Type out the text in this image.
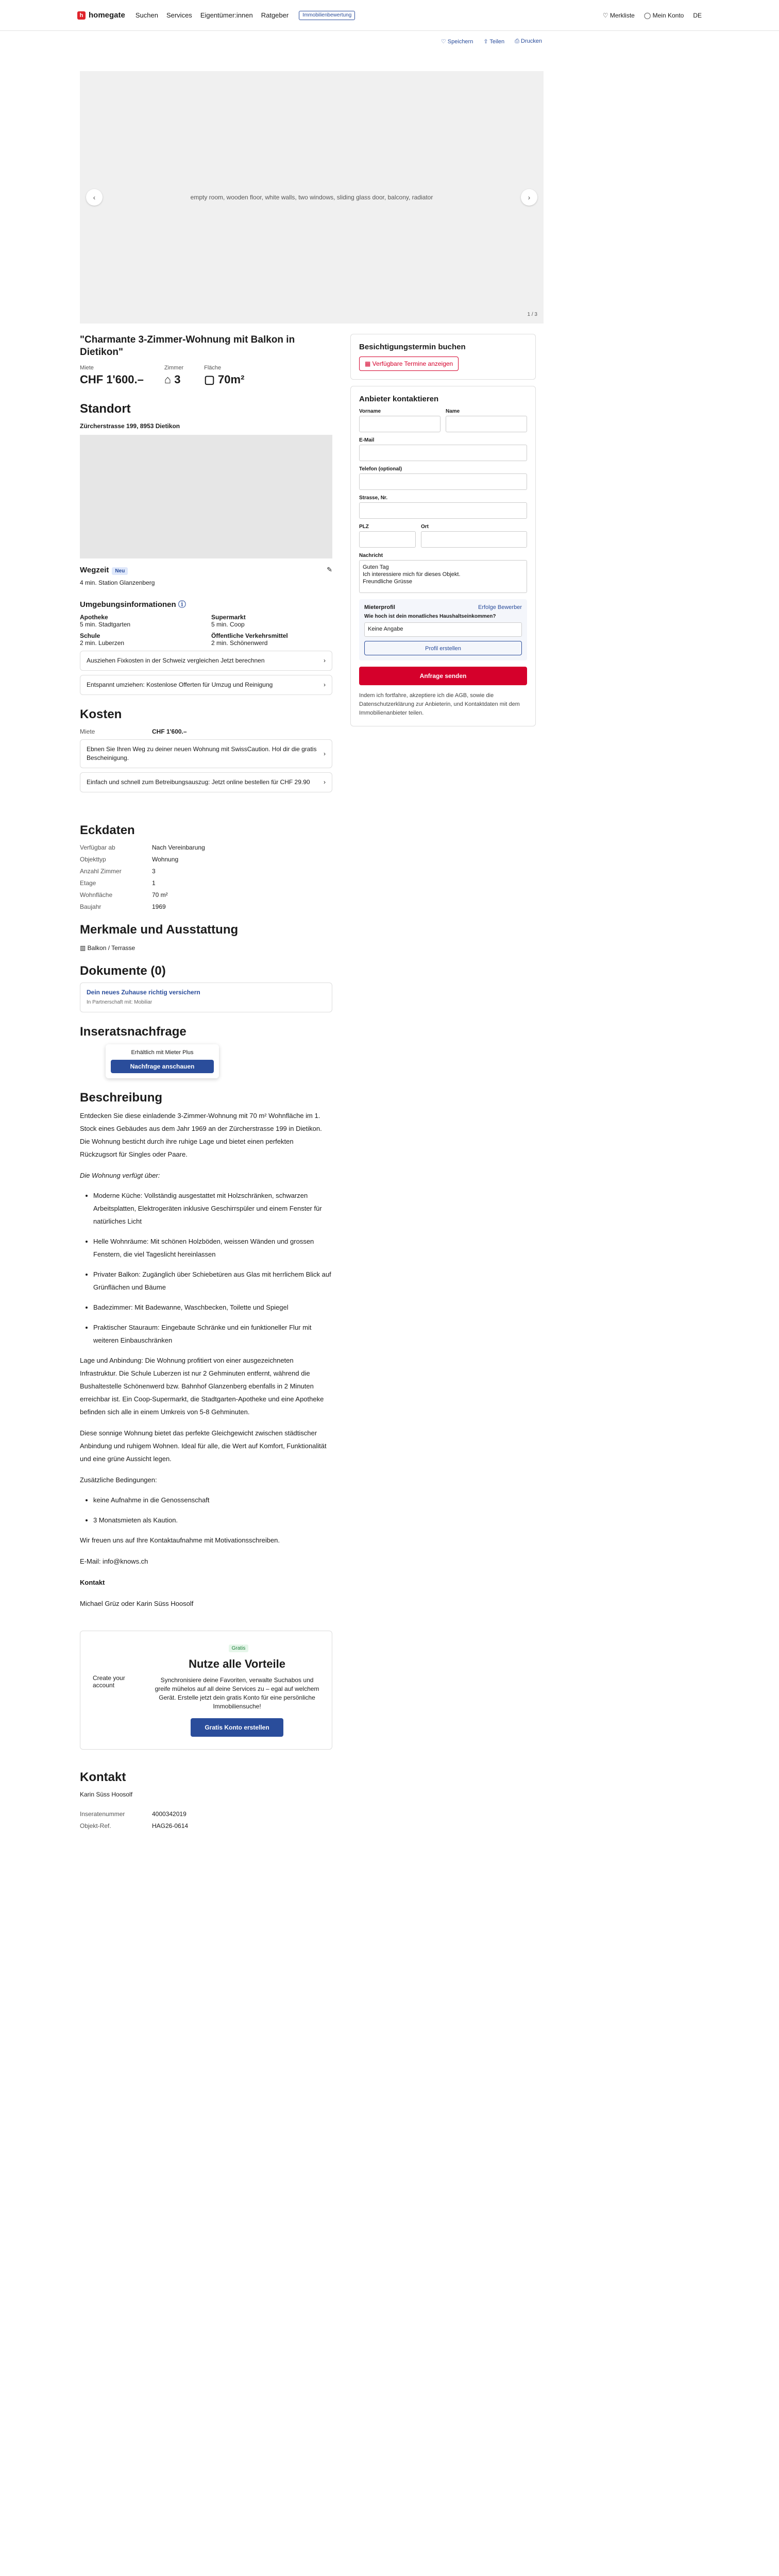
h homegate Suchen Services Eigentümer:innen Ratgeber	Immobilienbewertung	♡ Merkliste ◯ Mein Konto DE
♡ Speichern ⇪ Teilen ⎙ Drucken
empty room, wooden floor, white walls, two windows, sliding glass door, balcony, radiator
‹	›
1 / 3
"Charmante 3-Zimmer-Wohnung mit Balkon in Dietikon"
Miete
CHF 1'600.–
Zimmer
⌂ 3
Fläche
▢ 70m²
Standort
Zürcherstrasse 199, 8953 Dietikon
Wegzeit Neu	✎
4 min. Station Glanzenberg
Umgebungsinformationen ⓘ
Apotheke
5 min. Stadtgarten
Supermarkt
5 min. Coop
Schule
2 min. Luberzen
Öffentliche Verkehrsmittel
2 min. Schönenwerd
Ausziehen Fixkosten in der Schweiz vergleichen Jetzt berechnen	›
Entspannt umziehen: Kostenlose Offerten für Umzug und Reinigung	›
Kosten
Miete	CHF 1'600.–
Ebnen Sie Ihren Weg zu deiner neuen Wohnung mit SwissCaution. Hol dir die gratis Bescheinigung.
›
Einfach und schnell zum Betreibungsauszug: Jetzt online bestellen für CHF 29.90 ›
Eckdaten
Verfügbar ab	Nach Vereinbarung
Objekttyp	Wohnung
Anzahl Zimmer	3
Etage	1
Wohnfläche	70 m²
Baujahr	1969
Merkmale und Ausstattung
▥ Balkon / Terrasse
Dokumente (0)
Dein neues Zuhause richtig versichern
In Partnerschaft mit: Mobiliar
Inseratsnachfrage
Erhältlich mit Mieter Plus
Nachfrage anschauen
Beschreibung

Entdecken Sie diese einladende 3-Zimmer-Wohnung mit 70 m² Wohnfläche im 1. Stock eines Gebäudes aus dem Jahr 1969 an der Zürcherstrasse 199 in Dietikon. Die Wohnung besticht durch ihre ruhige Lage und bietet einen perfekten Rückzugsort für Singles oder Paare.

Die Wohnung verfügt über:

• Moderne Küche: Vollständig ausgestattet mit Holzschränken, schwarzen Arbeitsplatten, Elektrogeräten inklusive Geschirrspüler und einem Fenster für natürliches Licht
• Helle Wohnräume: Mit schönen Holzböden, weissen Wänden und grossen Fenstern, die viel Tageslicht hereinlassen
• Privater Balkon: Zugänglich über Schiebetüren aus Glas mit herrlichem Blick auf Grünflächen und Bäume
• Badezimmer: Mit Badewanne, Waschbecken, Toilette und Spiegel
• Praktischer Stauraum: Eingebaute Schränke und ein funktioneller Flur mit weiteren Einbauschränken

Lage und Anbindung: Die Wohnung profitiert von einer ausgezeichneten Infrastruktur. Die Schule Luberzen ist nur 2 Gehminuten entfernt, während die Bushaltestelle Schönenwerd bzw. Bahnhof Glanzenberg ebenfalls in 2 Minuten erreichbar ist. Ein Coop-Supermarkt, die Stadtgarten-Apotheke und eine Apotheke befinden sich alle in einem Umkreis von 5-8 Gehminuten.

Diese sonnige Wohnung bietet das perfekte Gleichgewicht zwischen städtischer Anbindung und ruhigem Wohnen. Ideal für alle, die Wert auf Komfort, Funktionalität und eine grüne Aussicht legen.

Zusätzliche Bedingungen:

• keine Aufnahme in die Genossenschaft
• 3 Monatsmieten als Kaution.

Wir freuen uns auf Ihre Kontaktaufnahme mit Motivationsschreiben.

E-Mail: info@knows.ch

Kontakt

Michael Grüz oder Karin Süss Hoosolf

Create your account
Gratis
Nutze alle Vorteile

Synchronisiere deine Favoriten, verwalte Suchabos und greife mühelos auf all deine Services zu – egal auf welchem Gerät. Erstelle jetzt dein gratis Konto für eine persönliche Immobiliensuche!

Gratis Konto erstellen
Kontakt
Karin Süss Hoosolf
Inseratenummer	4000342019
Objekt-Ref.	HAG26-0614
Besichtigungstermin buchen
▦ Verfügbare Termine anzeigen
Anbieter kontaktieren
Vorname	Name
E-Mail
Telefon (optional)
Strasse, Nr.
PLZ	Ort
Nachricht
Guten Tag
Ich interessiere mich für dieses Objekt.
Freundliche Grüsse
Mieterprofil	Erfolge Bewerber
Wie hoch ist dein monatliches Haushaltseinkommen?
Keine Angabe
Profil erstellen
Anfrage senden

Indem ich fortfahre, akzeptiere ich die AGB, sowie die Datenschutzerklärung zur Anbieterin, und Kontaktdaten mit dem Immobilienanbieter teilen.
